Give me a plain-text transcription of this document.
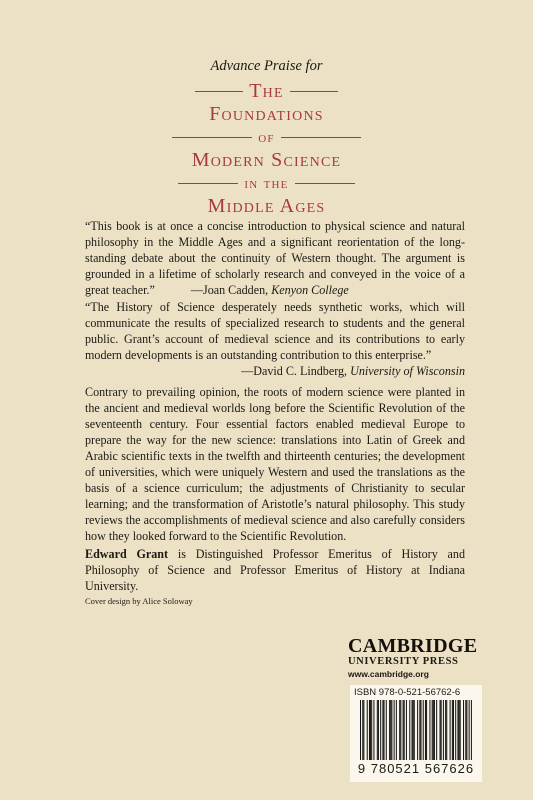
Advance Praise for
The
Foundations
of
Modern Science
in the
Middle Ages
“This book is at once a concise introduction to physical science and natural philosophy in the Middle Ages and a significant reorientation of the long-standing debate about the continuity of Western thought. The argument is grounded in a lifetime of scholarly research and conveyed in the voice of a great teacher.”	—Joan Cadden, Kenyon College
“The History of Science desperately needs synthetic works, which will communicate the results of specialized research to students and the general public. Grant’s account of medieval science and its contributions to early modern developments is an outstanding contribution to this enterprise.”
—David C. Lindberg, University of Wisconsin
Contrary to prevailing opinion, the roots of modern science were planted in the ancient and medieval worlds long before the Scientific Revolution of the seventeenth century. Four essential factors enabled medieval Europe to prepare the way for the new science: translations into Latin of Greek and Arabic scientific texts in the twelfth and thirteenth centuries; the development of universities, which were uniquely Western and used the translations as the basis of a science curriculum; the adjustments of Christianity to secular learning; and the transformation of Aristotle’s natural philosophy. This study reviews the accomplishments of medieval science and also carefully considers how they looked forward to the Scientific Revolution.
Edward Grant is Distinguished Professor Emeritus of History and Philosophy of Science and Professor Emeritus of History at Indiana University.
Cover design by Alice Soloway
CAMBRIDGE
UNIVERSITY PRESS
www.cambridge.org
ISBN 978-0-521-56762-6
9 780521 567626
